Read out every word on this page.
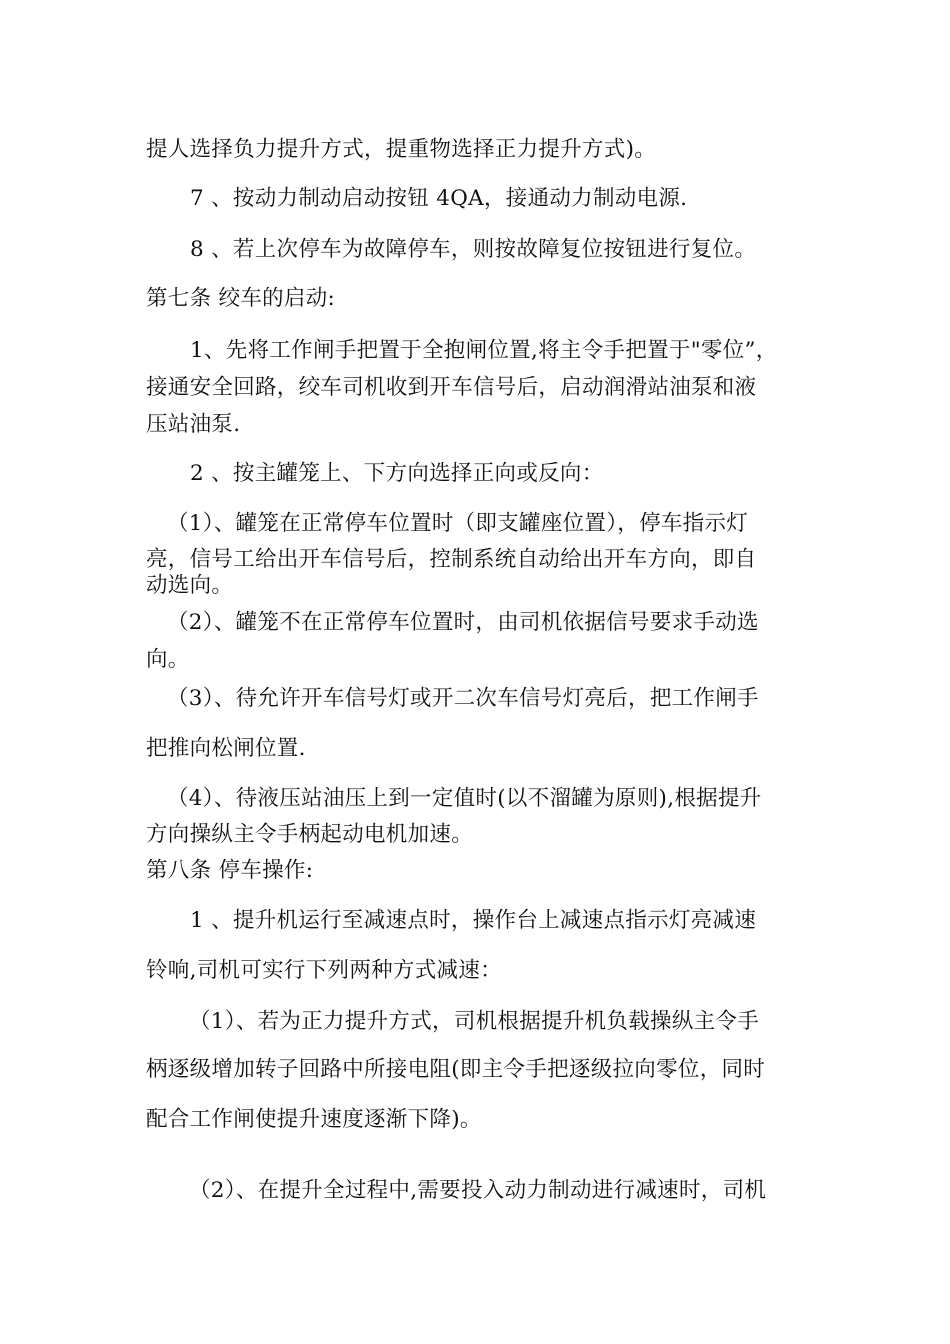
提人选择负力提升方式，提重物选择正力提升方式)。
7 、按动力制动启动按钮 4QA，接通动力制动电源.
8 、若上次停车为故障停车，则按故障复位按钮进行复位。
第七条 绞车的启动:
1、先将工作闸手把置于全抱闸位置,将主令手把置于"零位”，
接通安全回路，绞车司机收到开车信号后，启动润滑站油泵和液
压站油泵.
2 、按主罐笼上、下方向选择正向或反向：
（1）、罐笼在正常停车位置时（即支罐座位置），停车指示灯
亮，信号工给出开车信号后，控制系统自动给出开车方向，即自
动选向。
（2）、罐笼不在正常停车位置时，由司机依据信号要求手动选
向。
（3）、待允许开车信号灯或开二次车信号灯亮后，把工作闸手
把推向松闸位置.
（4）、待液压站油压上到一定值时(以不溜罐为原则),根据提升
方向操纵主令手柄起动电机加速。
第八条 停车操作:
1 、提升机运行至减速点时，操作台上减速点指示灯亮减速
铃响,司机可实行下列两种方式减速：
（1）、若为正力提升方式，司机根据提升机负载操纵主令手
柄逐级增加转子回路中所接电阻(即主令手把逐级拉向零位，同时
配合工作闸使提升速度逐渐下降)。
（2）、在提升全过程中,需要投入动力制动进行减速时，司机
